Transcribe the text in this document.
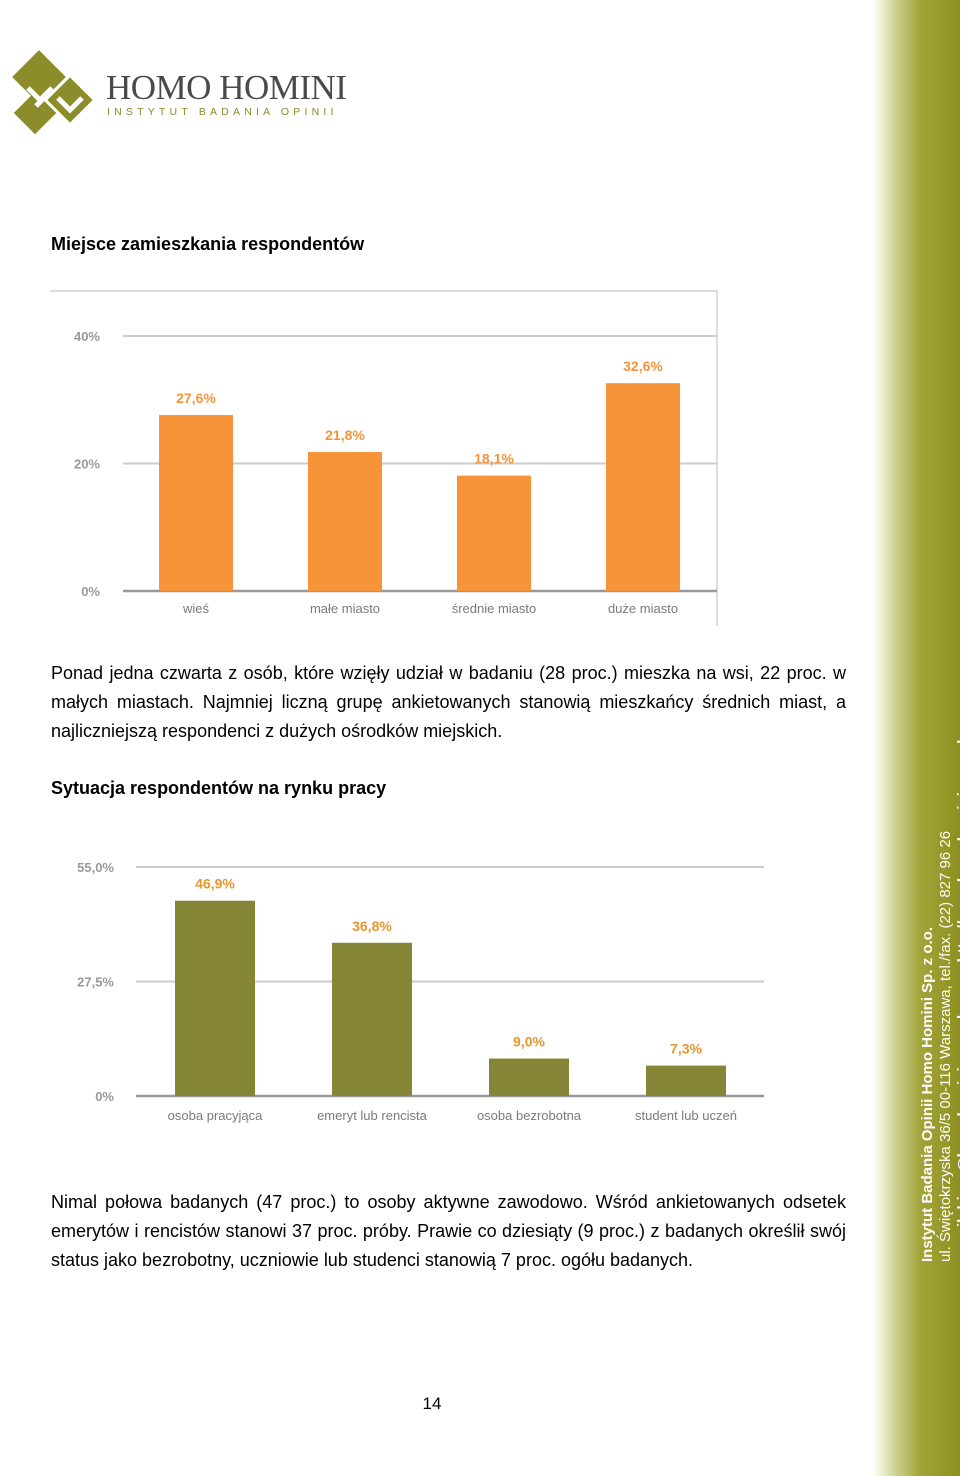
HOMO HOMINI
INSTYTUT BADANIA OPINII
Miejsce zamieszkania respondentów
0%
20%
40%
27,6%
wieś
21,8%
małe miasto
18,1%
średnie miasto
32,6%
duże miasto

Ponad jedna czwarta z osób, które wzięły udział w badaniu (28 proc.) mieszka na wsi, 22 proc. w małych miastach. Najmniej liczną grupę ankietowanych stanowią mieszkańcy średnich miast, a najliczniejszą respondenci z dużych ośrodków miejskich.

Sytuacja respondentów na rynku pracy
0%
27,5%
55,0%
46,9%
osoba pracyjąca
36,8%
emeryt lub rencista
9,0%
osoba bezrobotna
7,3%
student lub uczeń

Nimal połowa badanych (47 proc.) to osoby aktywne zawodowo. Wśród ankietowanych odsetek emerytów i rencistów stanowi 37 proc. próby. Prawie co dziesiąty (9 proc.) z badanych określił swój status jako bezrobotny, uczniowie lub studenci stanowią 7 proc. ogółu badanych.

14
Instytut Badania Opinii Homo Homini Sp. z o.o. ul. Świętokrzyska 36/5 00-116 Warszawa, tel./fax. (22) 827 96 26 e-mail: biuro@homohomini.com.pl, www: http://www.homohomini.com.pl
